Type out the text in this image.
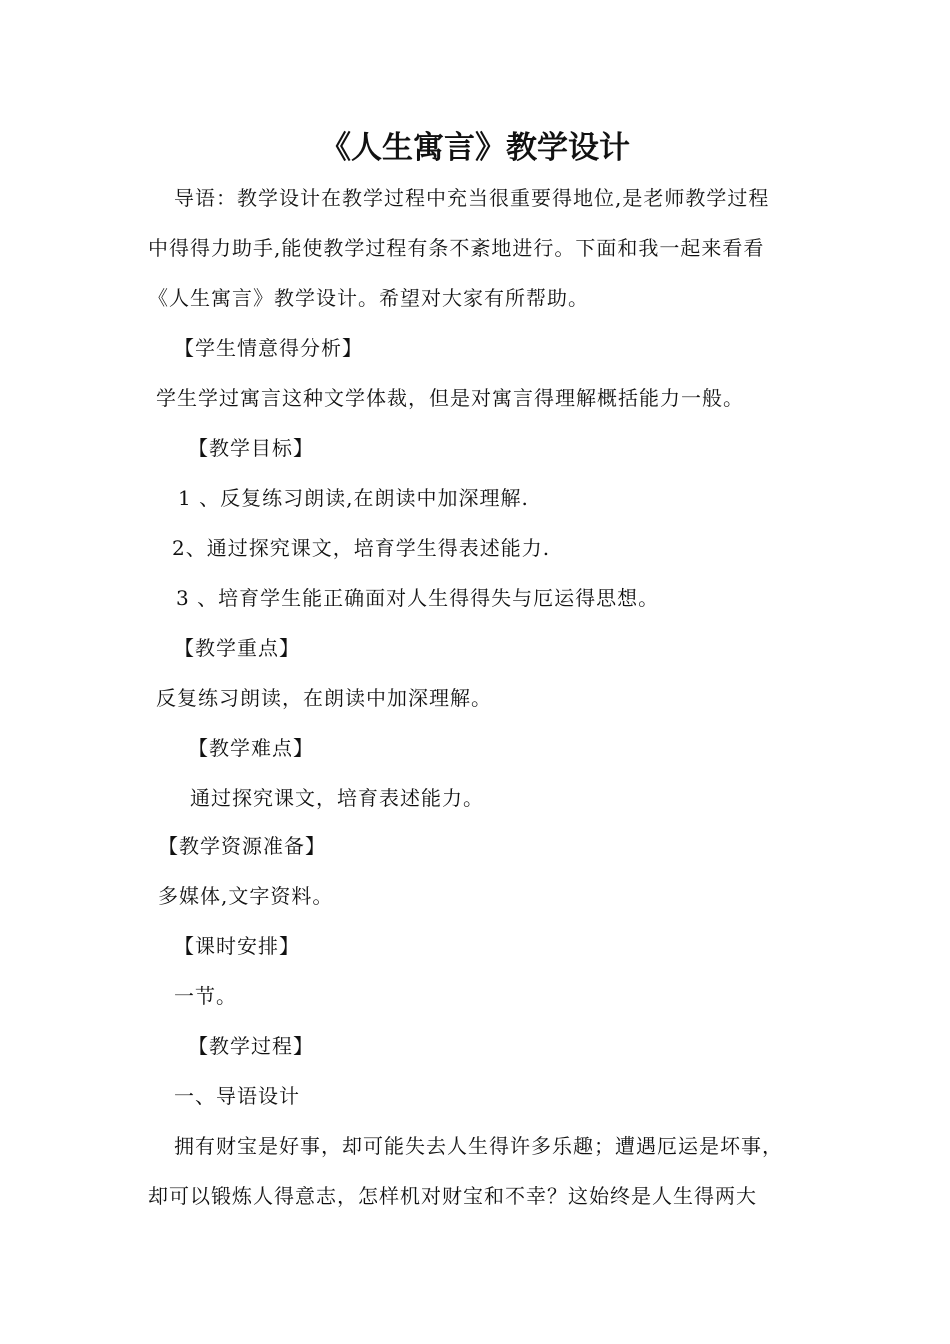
《人生寓言》教学设计
导语：教学设计在教学过程中充当很重要得地位,是老师教学过程
中得得力助手,能使教学过程有条不紊地进行。下面和我一起来看看
《人生寓言》教学设计。希望对大家有所帮助。
【学生情意得分析】
学生学过寓言这种文学体裁，但是对寓言得理解概括能力一般。
【教学目标】
1 、反复练习朗读,在朗读中加深理解.
2、通过探究课文，培育学生得表述能力.
3 、培育学生能正确面对人生得得失与厄运得思想。
【教学重点】
反复练习朗读，在朗读中加深理解。
【教学难点】
通过探究课文，培育表述能力。
【教学资源准备】
多媒体,文字资料。
【课时安排】
一节。
【教学过程】
一、导语设计
拥有财宝是好事，却可能失去人生得许多乐趣；遭遇厄运是坏事，
却可以锻炼人得意志，怎样机对财宝和不幸？这始终是人生得两大
